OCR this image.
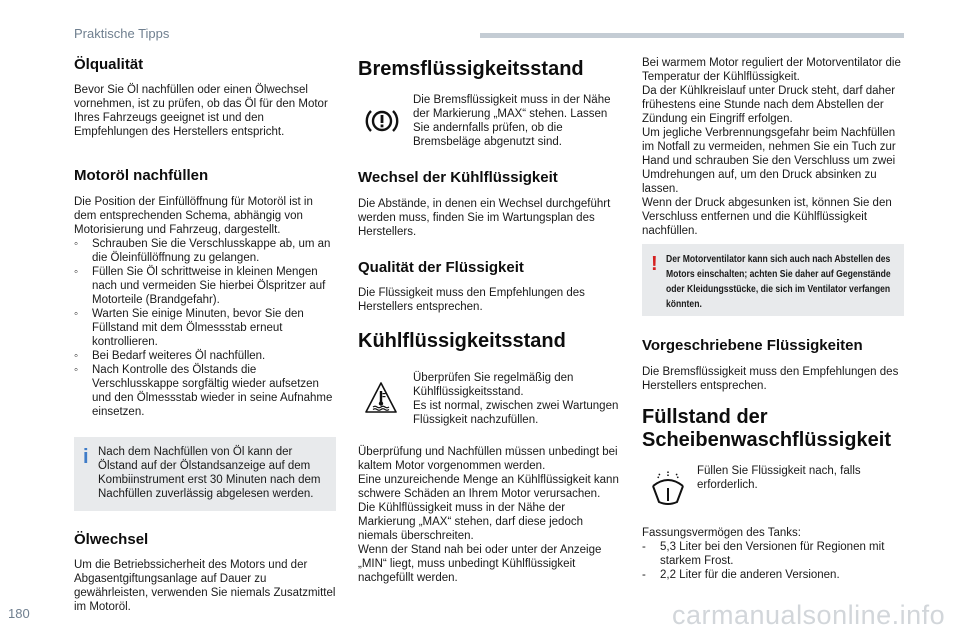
Praktische Tipps
Ölqualität

Bevor Sie Öl nachfüllen oder einen Ölwechsel vornehmen, ist zu prüfen, ob das Öl für den Motor Ihres Fahrzeugs geeignet ist und den Empfehlungen des Herstellers entspricht.

Motoröl nachfüllen

Die Position der Einfüllöffnung für Motoröl ist in dem entsprechenden Schema, abhängig von Motorisierung und Fahrzeug, dargestellt.

◦ Schrauben Sie die Verschlusskappe ab, um an die Öleinfüllöffnung zu gelangen.
◦ Füllen Sie Öl schrittweise in kleinen Mengen nach und vermeiden Sie hierbei Ölspritzer auf Motorteile (Brandgefahr).
◦ Warten Sie einige Minuten, bevor Sie den Füllstand mit dem Ölmessstab erneut kontrollieren.
◦ Bei Bedarf weiteres Öl nachfüllen.
◦ Nach Kontrolle des Ölstands die Verschlusskappe sorgfältig wieder aufsetzen und den Ölmessstab wieder in seine Aufnahme einsetzen.
i Nach dem Nachfüllen von Öl kann der Ölstand auf der Ölstandsanzeige auf dem Kombiinstrument erst 30 Minuten nach dem Nachfüllen zuverlässig abgelesen werden.

Ölwechsel

Um die Betriebssicherheit des Motors und der Abgasentgiftungsanlage auf Dauer zu gewährleisten, verwenden Sie niemals Zusatzmittel im Motoröl.

Bremsflüssigkeitsstand

Die Bremsflüssigkeit muss in der Nähe der Markierung „MAX“ stehen. Lassen Sie andernfalls prüfen, ob die Bremsbeläge abgenutzt sind.

Wechsel der Kühlflüssigkeit

Die Abstände, in denen ein Wechsel durchgeführt werden muss, finden Sie im Wartungsplan des Herstellers.

Qualität der Flüssigkeit

Die Flüssigkeit muss den Empfehlungen des Herstellers entsprechen.

Kühlflüssigkeitsstand

Überprüfen Sie regelmäßig den Kühlflüssigkeitsstand.
Es ist normal, zwischen zwei Wartungen Flüssigkeit nachzufüllen.

Überprüfung und Nachfüllen müssen unbedingt bei kaltem Motor vorgenommen werden.
Eine unzureichende Menge an Kühlflüssigkeit kann schwere Schäden an Ihrem Motor verursachen.
Die Kühlflüssigkeit muss in der Nähe der Markierung „MAX“ stehen, darf diese jedoch niemals überschreiten.
Wenn der Stand nah bei oder unter der Anzeige „MIN“ liegt, muss unbedingt Kühlflüssigkeit nachgefüllt werden.

Bei warmem Motor reguliert der Motorventilator die Temperatur der Kühlflüssigkeit.
Da der Kühlkreislauf unter Druck steht, darf daher frühestens eine Stunde nach dem Abstellen der Zündung ein Eingriff erfolgen.
Um jegliche Verbrennungsgefahr beim Nachfüllen im Notfall zu vermeiden, nehmen Sie ein Tuch zur Hand und schrauben Sie den Verschluss um zwei Umdrehungen auf, um den Druck absinken zu lassen.
Wenn der Druck abgesunken ist, können Sie den Verschluss entfernen und die Kühlflüssigkeit nachfüllen.

! Der Motorventilator kann sich auch nach Abstellen des Motors einschalten; achten Sie daher auf Gegenstände oder Kleidungsstücke, die sich im Ventilator verfangen könnten.
Vorgeschriebene Flüssigkeiten

Die Bremsflüssigkeit muss den Empfehlungen des Herstellers entsprechen.

Füllstand der Scheibenwaschflüssigkeit

Füllen Sie Flüssigkeit nach, falls erforderlich.

Fassungsvermögen des Tanks:

- 5,3 Liter bei den Versionen für Regionen mit starkem Frost.
- 2,2 Liter für die anderen Versionen.
180	carmanualsonline.info
